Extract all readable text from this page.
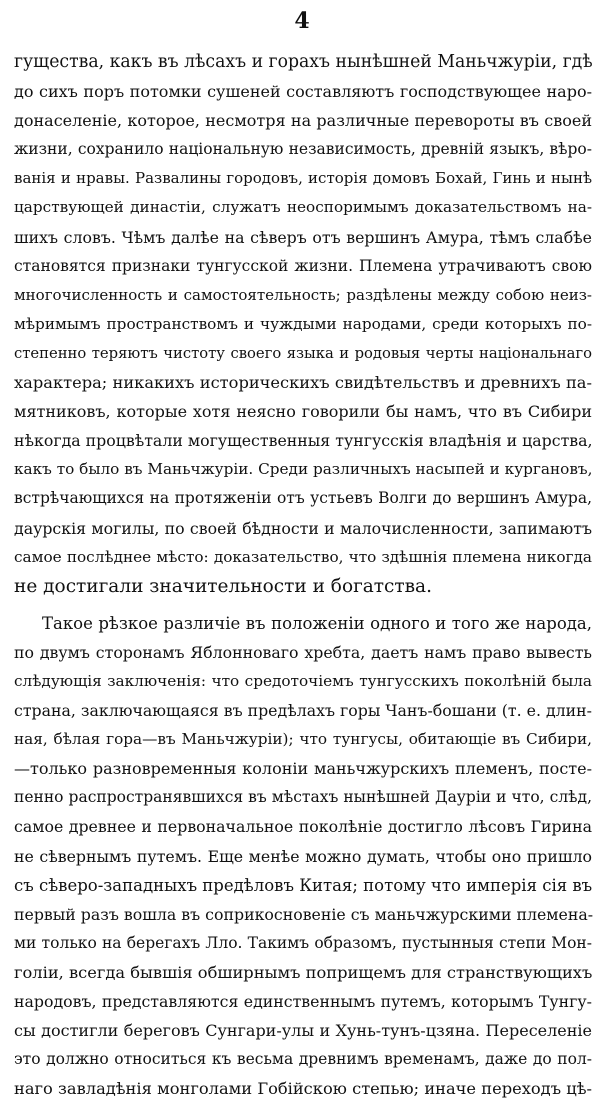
4
гущества, какъ въ лѣсахъ и горахъ нынѣшней Маньчжуріи, гдѣ
до сихъ поръ потомки сушеней составляютъ господствующее наро-
донаселеніе, которое, несмотря на различные перевороты въ своей
жизни, сохранило національную независимость, древній языкъ, вѣро-
ванія и нравы. Развалины городовъ, исторія домовъ Бохай, Гинь и нынѣ
царствующей династіи, служатъ неоспоримымъ доказательствомъ на-
шихъ словъ. Чѣмъ далѣе на сѣверъ отъ вершинъ Амура, тѣмъ слабѣе
становятся признаки тунгусской жизни. Племена утрачиваютъ свою
многочисленность и самостоятельность; раздѣлены между собою неиз-
мѣримымъ пространствомъ и чуждыми народами, среди которыхъ по-
степенно теряютъ чистоту своего языка и родовыя черты національнаго
характера; никакихъ историческихъ свидѣтельствъ и древнихъ па-
мятниковъ, которые хотя неясно говорили бы намъ, что въ Сибири
нѣкогда процвѣтали могущественныя тунгусскія владѣнія и царства,
какъ то было въ Маньчжуріи. Среди различныхъ насыпей и кургановъ,
встрѣчающихся на протяженіи отъ устьевъ Волги до вершинъ Амура,
даурскія могилы, по своей бѣдности и малочисленности, запимаютъ
самое послѣднее мѣсто: доказательство, что здѣшнія племена никогда
не достигали значительности и богатства.
Такое рѣзкое различіе въ положеніи одного и того же народа,
по двумъ сторонамъ Яблонноваго хребта, даетъ намъ право вывесть
слѣдующія заключенія: что средоточіемъ тунгусскихъ поколѣній была
страна, заключающаяся въ предѣлахъ горы Чанъ-бошани (т. е. длин-
ная, бѣлая гора—въ Маньчжуріи); что тунгусы, обитающіе въ Сибири,
—только разновременныя колоніи маньчжурскихъ племенъ, посте-
пенно распространявшихся въ мѣстахъ нынѣшней Дауріи и что, слѣд,
самое древнее и первоначальное поколѣніе достигло лѣсовъ Гирина
не сѣвернымъ путемъ. Еще менѣе можно думать, чтобы оно пришло
съ сѣверо-западныхъ предѣловъ Китая; потому что имперія сія въ
первый разъ вошла въ соприкосновеніе съ маньчжурскими племена-
ми только на берегахъ Лло. Такимъ образомъ, пустынныя степи Мон-
голіи, всегда бывшія обширнымъ поприщемъ для странствующихъ
народовъ, представляются единственнымъ путемъ, которымъ Тунгу-
сы достигли береговъ Сунгари-улы и Хунь-тунъ-цзяна. Переселеніе
это должно относиться къ весьма древнимъ временамъ, даже до пол-
наго завладѣнія монголами Гобійскою степью; иначе переходъ цѣ-
